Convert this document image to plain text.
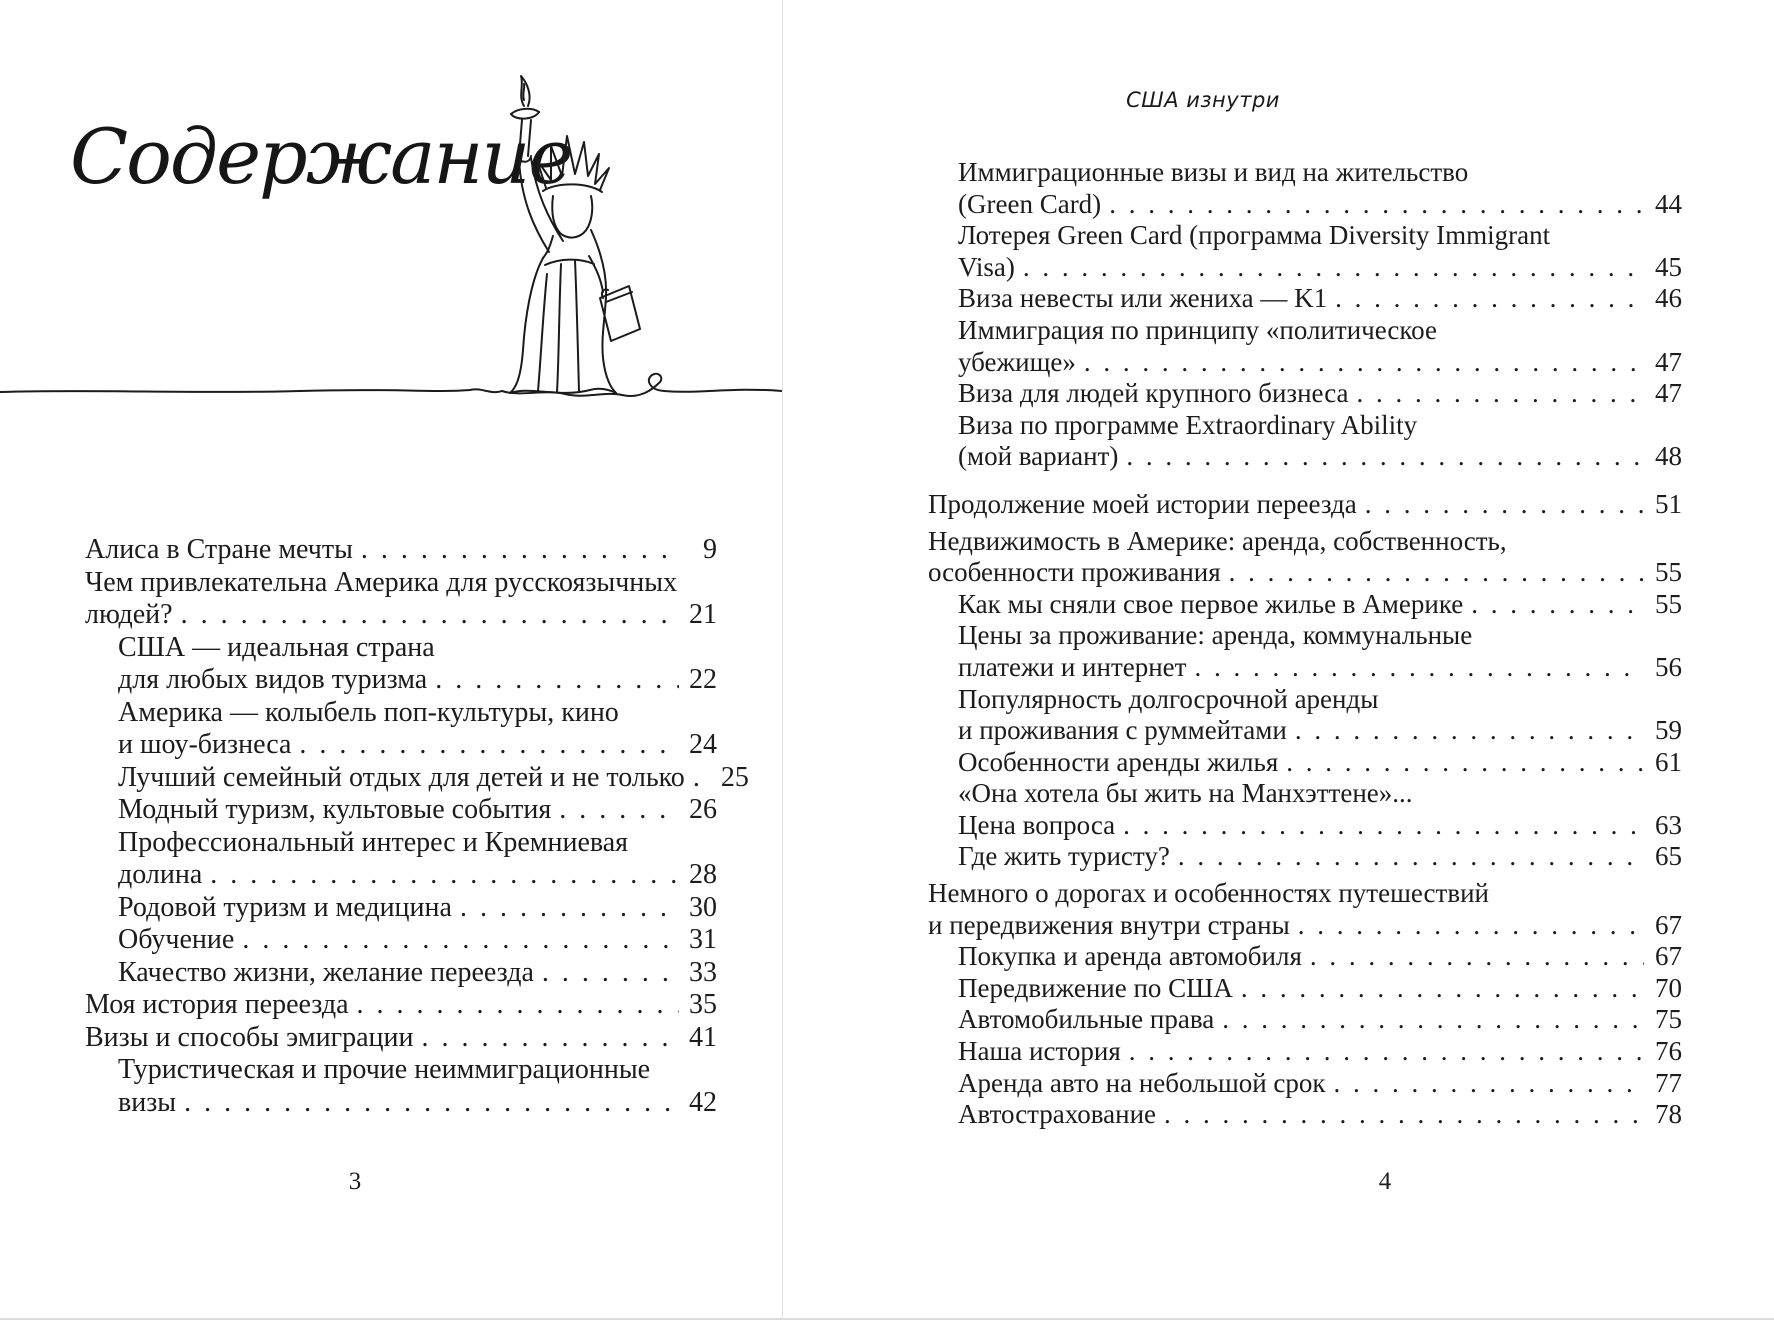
Содержание
Алиса в Стране мечты . . .	9
Чем привлекательна Америка для русскоязычных
людей? . . .	21
США — идеальная страна
для любых видов туризма . . .	22
Америка — колыбель поп-культуры, кино
и шоу-бизнеса . . .	24
Лучший семейный отдых для детей и не только . . . 25
Модный туризм, культовые события . . .	26
Профессиональный интерес и Кремниевая
долина . . .	28
Родовой туризм и медицина . . .	30
Обучение . . .	31
Качество жизни, желание переезда . . .	33
Моя история переезда . . .	35
Визы и способы эмиграции . . .	41
Туристическая и прочие неиммиграционные
визы . . .	42
3
США изнутри
Иммиграционные визы и вид на жительство
(Green Card) . . .	44
Лотерея Green Card (программа Diversity Immigrant
Visa) . . .	45
Виза невесты или жениха — K1 . . .	46
Иммиграция по принципу «политическое
убежище» . . .	47
Виза для людей крупного бизнеса . . .	47
Виза по программе Extraordinary Ability
(мой вариант) . . .	48
Продолжение моей истории переезда . . .	51
Недвижимость в Америке: аренда, собственность,
особенности проживания . . .	55
Как мы сняли свое первое жилье в Америке . . .	55
Цены за проживание: аренда, коммунальные
платежи и интернет . . .	56
Популярность долгосрочной аренды
и проживания с руммейтами . . .	59
Особенности аренды жилья . . .	61
«Она хотела бы жить на Манхэттене»...
Цена вопроса . . .	63
Где жить туристу? . . .	65
Немного о дорогах и особенностях путешествий
и передвижения внутри страны . . .	67
Покупка и аренда автомобиля . . .	67
Передвижение по США . . .	70
Автомобильные права . . .	75
Наша история . . .	76
Аренда авто на небольшой срок . . .	77
Автострахование . . .	78
4
